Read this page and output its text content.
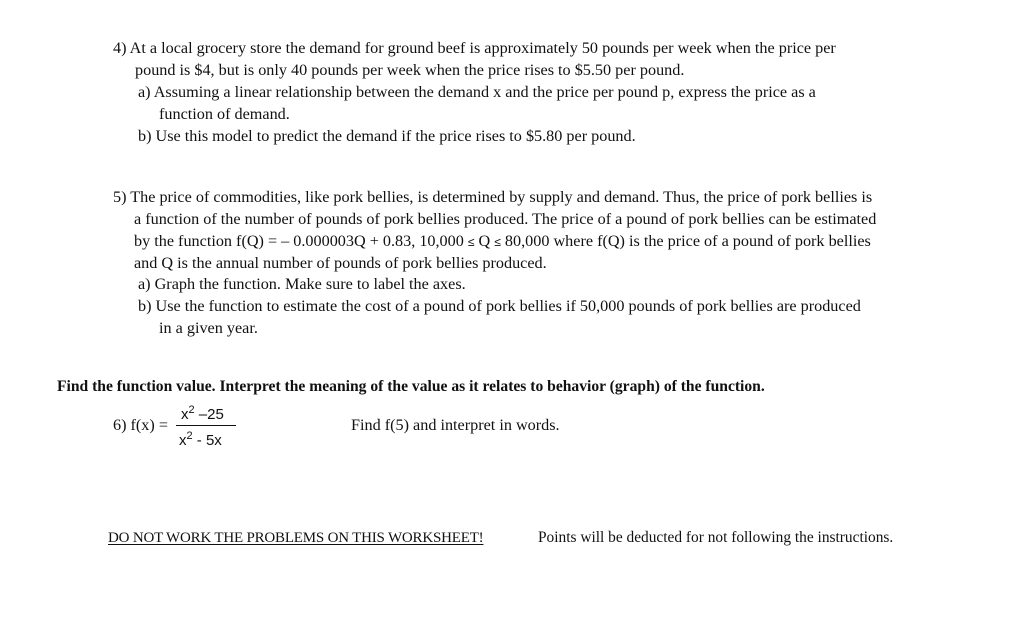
4) At a local grocery store the demand for ground beef is approximately 50 pounds per week when the price per
pound is $4, but is only 40 pounds per week when the price rises to $5.50 per pound.
a) Assuming a linear relationship between the demand x and the price per pound p, express the price as a
function of demand.
b) Use this model to predict the demand if the price rises to $5.80 per pound.
5) The price of commodities, like pork bellies, is determined by supply and demand. Thus, the price of pork bellies is
a function of the number of pounds of pork bellies produced. The price of a pound of pork bellies can be estimated
by the function f(Q) = – 0.000003Q + 0.83, 10,000 ≤ Q ≤ 80,000 where f(Q) is the price of a pound of pork bellies
and Q is the annual number of pounds of pork bellies produced.
a) Graph the function. Make sure to label the axes.
b) Use the function to estimate the cost of a pound of pork bellies if 50,000 pounds of pork bellies are produced
in a given year.
Find the function value. Interpret the meaning of the value as it relates to behavior (graph) of the function.
6) f(x) =
$x^2$ –25
$x^2 - 5x$
Find f(5) and interpret in words.
DO NOT WORK THE PROBLEMS ON THIS WORKSHEET!	Points will be deducted for not following the instructions.
